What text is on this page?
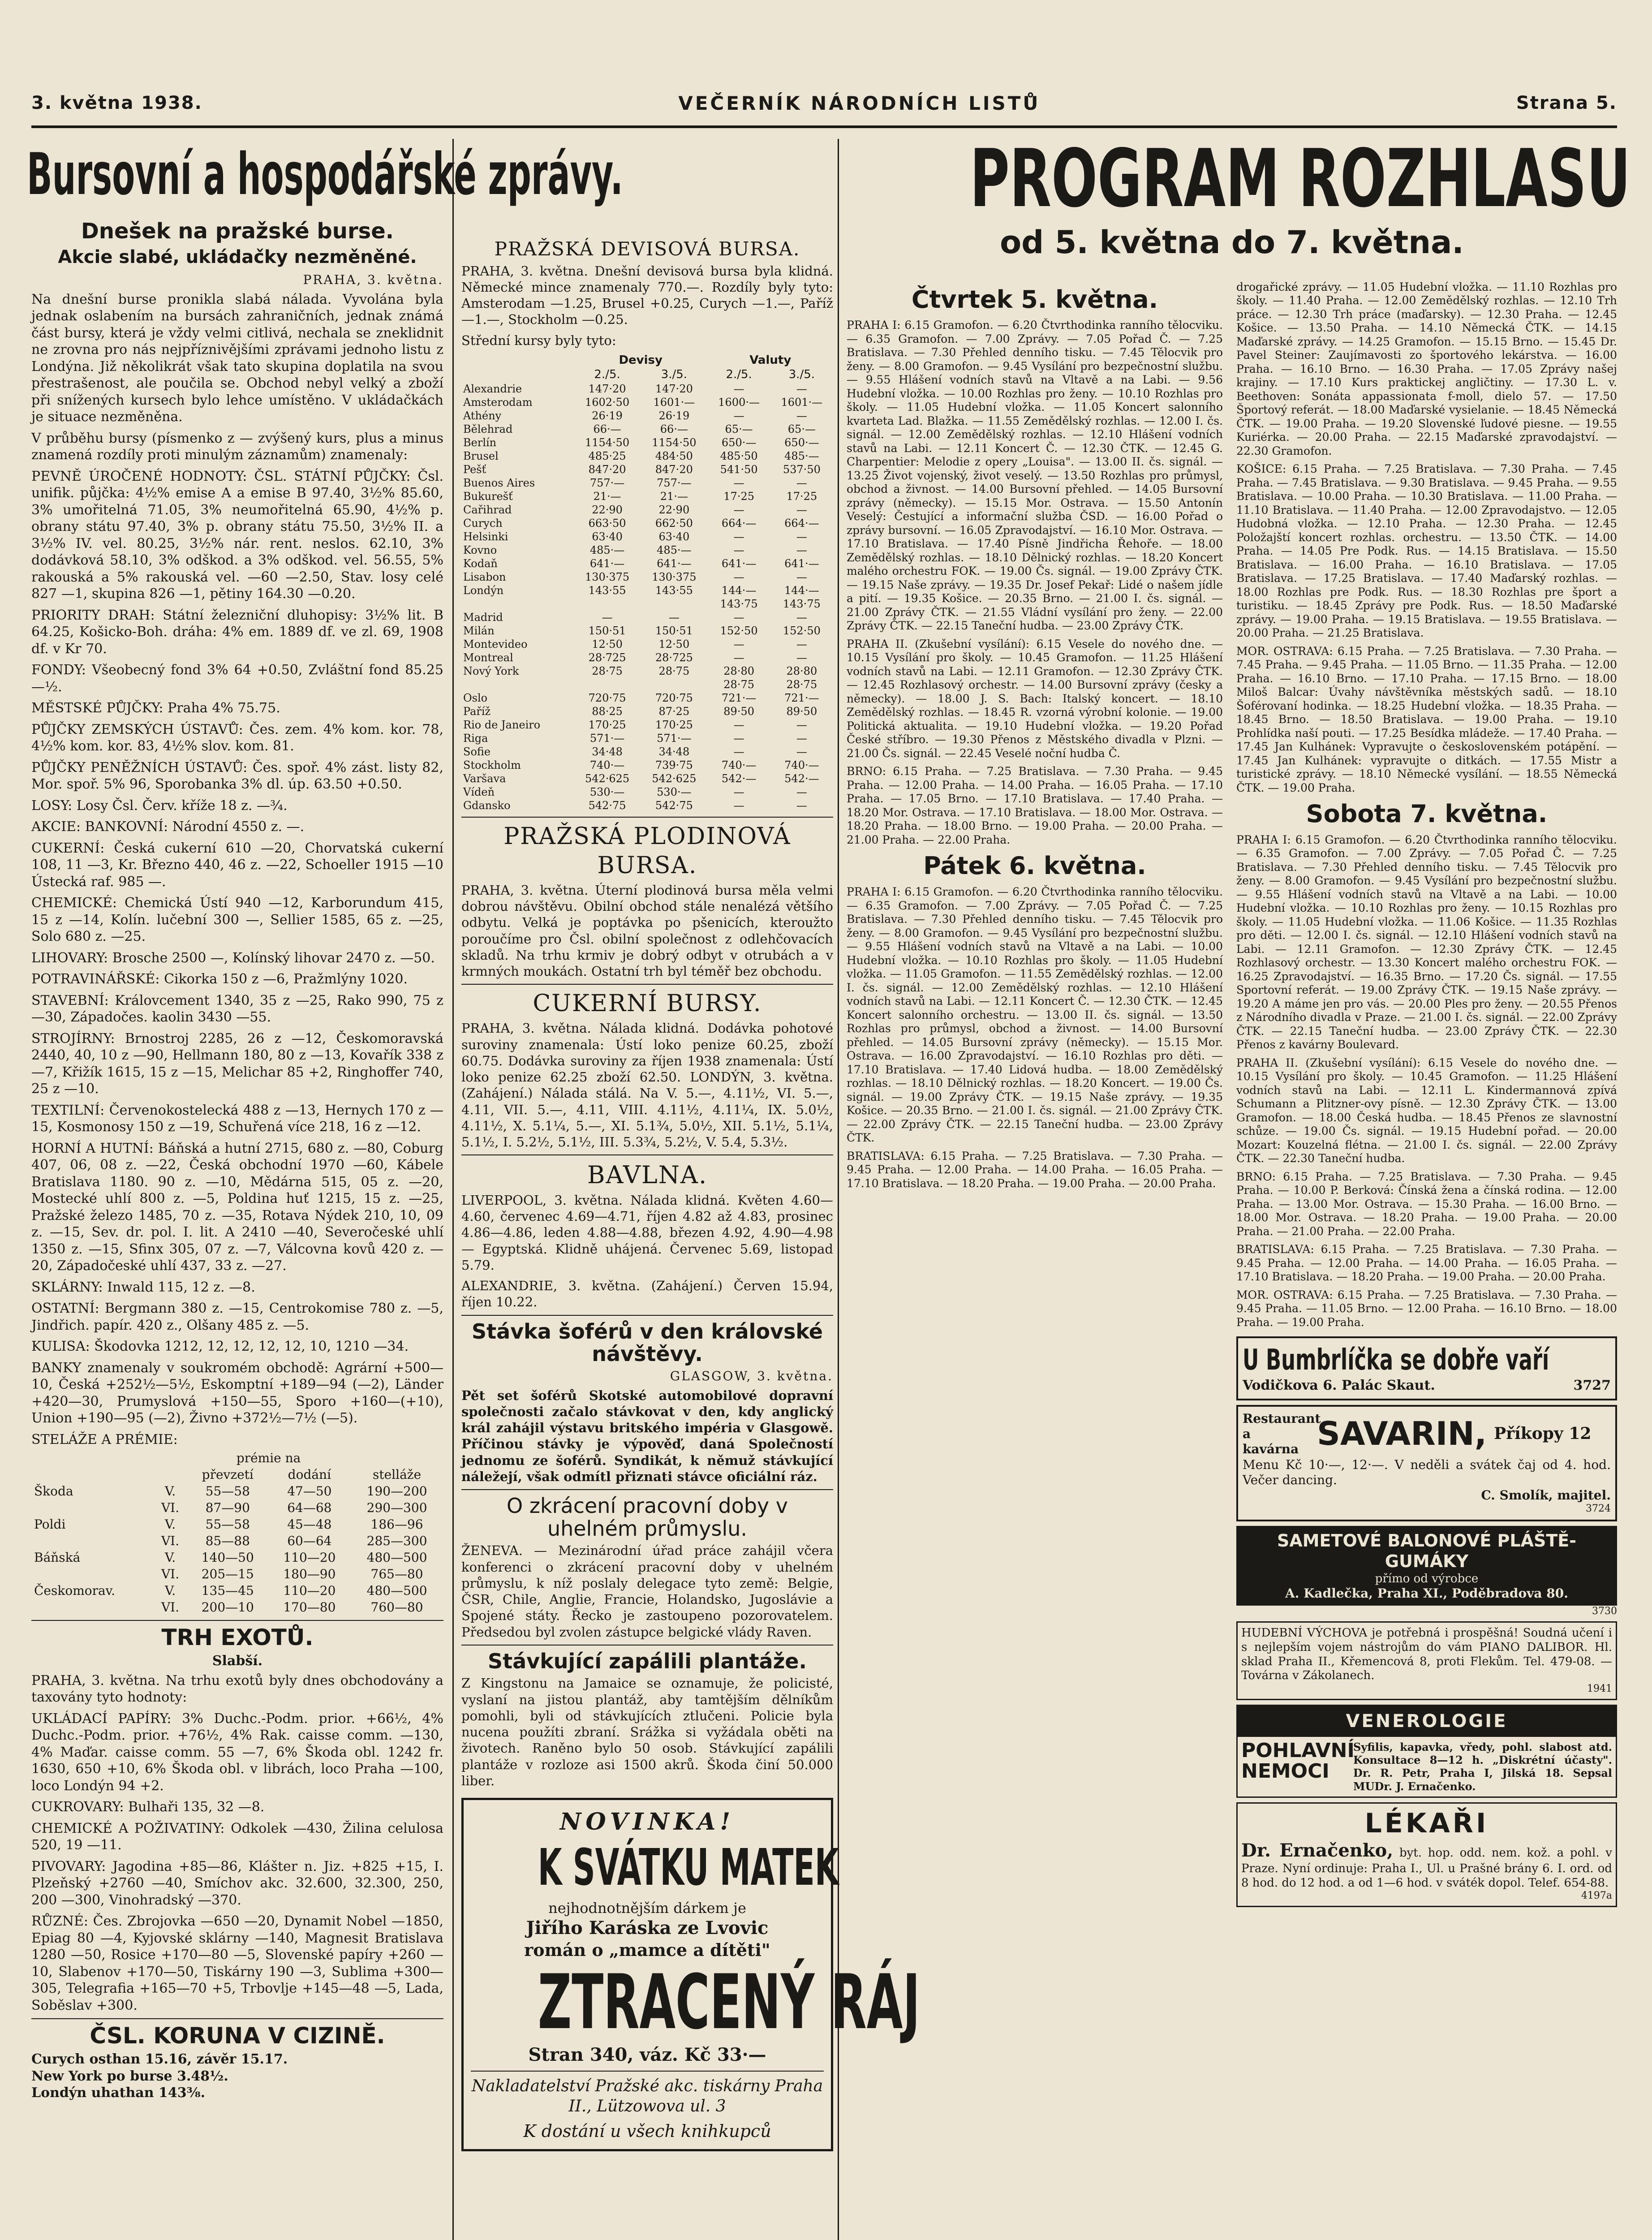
3. května 1938.	VEČERNÍK NÁRODNÍCH LISTŮ	Strana 5.
Bursovní a hospodářské zprávy.
Dnešek na pražské burse.
Akcie slabé, ukládačky nezměněné.
PRAHA, 3. května.

Na dnešní burse pronikla slabá nálada. Vyvolána byla jednak oslabením na bursách zahraničních, jednak známá část bursy, která je vždy velmi citlivá, nechala se zneklidnit ne zrovna pro nás nejpříznivějšími zprávami jednoho listu z Londýna. Již několikrát však tato skupina doplatila na svou přestrašenost, ale poučila se. Obchod nebyl velký a zboží při snížených kursech bylo lehce umístěno. V ukládačkách je situace nezměněna.

V průběhu bursy (písmenko z — zvýšený kurs, plus a minus znamená rozdíly proti minulým záznamům) znamenaly:

PEVNĚ ÚROČENÉ HODNOTY: ČSL. STÁTNÍ PŮJČKY: Čsl. unifik. půjčka: 4½% emise A a emise B 97.40, 3½% 85.60, 3% umořitelná 71.05, 3% neumořitelná 65.90, 4½% p. obrany státu 97.40, 3% p. obrany státu 75.50, 3½% II. a 3½% IV. vel. 80.25, 3½% nár. rent. neslos. 62.10, 3% dodávková 58.10, 3% odškod. a 3% odškod. vel. 56.55, 5% rakouská a 5% rakouská vel. —60 —2.50, Stav. losy celé 827 —1, skupina 826 —1, pětiny 164.30 —0.20.

PRIORITY DRAH: Státní železniční dluhopisy: 3½% lit. B 64.25, Košicko-Boh. dráha: 4% em. 1889 df. ve zl. 69, 1908 df. v Kr 70.

FONDY: Všeobecný fond 3% 64 +0.50, Zvláštní fond 85.25 —½.

MĚSTSKÉ PŮJČKY: Praha 4% 75.75.

PŮJČKY ZEMSKÝCH ÚSTAVŮ: Čes. zem. 4% kom. kor. 78, 4½% kom. kor. 83, 4½% slov. kom. 81.

PŮJČKY PENĚŽNÍCH ÚSTAVŮ: Čes. spoř. 4% zást. listy 82, Mor. spoř. 5% 96, Sporobanka 3% dl. úp. 63.50 +0.50.

LOSY: Losy Čsl. Červ. kříže 18 z. —¾.

AKCIE: BANKOVNÍ: Národní 4550 z. —.

CUKERNÍ: Česká cukerní 610 —20, Chorvatská cukerní 108, 11 —3, Kr. Březno 440, 46 z. —22, Schoeller 1915 —10 Ústecká raf. 985 —.

CHEMICKÉ: Chemická Ústí 940 —12, Karborundum 415, 15 z —14, Kolín. lučební 300 —, Sellier 1585, 65 z. —25, Solo 680 z. —25.

LIHOVARY: Brosche 2500 —, Kolínský lihovar 2470 z. —50.

POTRAVINÁŘSKÉ: Cikorka 150 z —6, Pražmlýny 1020.

STAVEBNÍ: Královcement 1340, 35 z —25, Rako 990, 75 z —30, Západočes. kaolin 3430 —55.

STROJÍRNY: Brnostroj 2285, 26 z —12, Českomoravská 2440, 40, 10 z —90, Hellmann 180, 80 z —13, Kovařík 338 z —7, Křižík 1615, 15 z —15, Melichar 85 +2, Ringhoffer 740, 25 z —10.

TEXTILNÍ: Červenokostelecká 488 z —13, Hernych 170 z —15, Kosmonosy 150 z —19, Schuřená více 218, 16 z —12.

HORNÍ A HUTNÍ: Báňská a hutní 2715, 680 z. —80, Coburg 407, 06, 08 z. —22, Česká obchodní 1970 —60, Kábele Bratislava 1180. 90 z. —10, Mědárna 515, 05 z. —20, Mostecké uhlí 800 z. —5, Poldina huť 1215, 15 z. —25, Pražské železo 1485, 70 z. —35, Rotava Nýdek 210, 10, 09 z. —15, Sev. dr. pol. I. lit. A 2410 —40, Severočeské uhlí 1350 z. —15, Sfinx 305, 07 z. —7, Válcovna kovů 420 z. —20, Západočeské uhlí 437, 33 z. —27.

SKLÁRNY: Inwald 115, 12 z. —8.

OSTATNÍ: Bergmann 380 z. —15, Centrokomise 780 z. —5, Jindřich. papír. 420 z., Olšany 485 z. —5.

KULISA: Škodovka 1212, 12, 12, 12, 12, 10, 1210 —34.

BANKY znamenaly v soukromém obchodě: Agrární +500—10, Česká +252½—5½, Eskomptní +189—94 (—2), Länder +420—30, Prumyslová +150—55, Sporo +160—(+10), Union +190—95 (—2), Živno +372½—7½ (—5).

STELÁŽE A PRÉMIE:

		prémie na		
		převzetí	dodání	stelláže
Škoda	V.	55—58	47—50	190—200
	VI.	87—90	64—68	290—300
Poldi	V.	55—58	45—48	186—96
	VI.	85—88	60—64	285—300
Báňská	V.	140—50	110—20	480—500
	VI.	205—15	180—90	765—80
Českomorav.	V.	135—45	110—20	480—500
	VI.	200—10	170—80	760—80
TRH EXOTŮ.
Slabší.

PRAHA, 3. května. Na trhu exotů byly dnes obchodovány a taxovány tyto hodnoty:

UKLÁDACÍ PAPÍRY: 3% Duchc.-Podm. prior. +66½, 4% Duchc.-Podm. prior. +76½, 4% Rak. caisse comm. —130, 4% Maďar. caisse comm. 55 —7, 6% Škoda obl. 1242 fr. 1630, 650 +10, 6% Škoda obl. v librách, loco Praha —100, loco Londýn 94 +2.

CUKROVARY: Bulhaři 135, 32 —8.

CHEMICKÉ A POŽIVATINY: Odkolek —430, Žilina celulosa 520, 19 —11.

PIVOVARY: Jagodina +85—86, Klášter n. Jiz. +825 +15, I. Plzeňský +2760 —40, Smíchov akc. 32.600, 32.300, 250, 200 —300, Vinohradský —370.

RŮZNÉ: Čes. Zbrojovka —650 —20, Dynamit Nobel —1850, Epiag 80 —4, Kyjovské sklárny —140, Magnesit Bratislava 1280 —50, Rosice +170—80 —5, Slovenské papíry +260 —10, Slabenov +170—50, Tiskárny 190 —3, Sublima +300—305, Telegrafia +165—70 +5, Trbovlje +145—48 —5, Lada, Soběslav +300.

ČSL. KORUNA V CIZINĚ.
Curych osthan 15.16, závěr 15.17.
New York po burse 3.48½.
Londýn uhathan 143⅜.
PRAŽSKÁ DEVISOVÁ BURSA.

PRAHA, 3. května. Dnešní devisová bursa byla klidná. Německé mince znamenaly 770.—. Rozdíly byly tyto: Amsterodam —1.25, Brusel +0.25, Curych —1.—, Paříž —1.—, Stockholm —0.25.

Střední kursy byly tyto:

	Devisy		Valuty	
	2./5.	3./5.	2./5.	3./5.
Alexandrie	147·20	147·20	—	—
Amsterodam	1602·50	1601·—	1600·—	1601·—
Athény	26·19	26·19	—	—
Bělehrad	66·—	66·—	65·—	65·—
Berlín	1154·50	1154·50	650·—	650·—
Brusel	485·25	484·50	485·50	485·—
Pešť	847·20	847·20	541·50	537·50
Buenos Aires	757·—	757·—	—	—
Bukurešť	21·—	21·—	17·25	17·25
Cařihrad	22·90	22·90	—	—
Curych	663·50	662·50	664·—	664·—
Helsinki	63·40	63·40	—	—
Kovno	485·—	485·—	—	—
Kodaň	641·—	641·—	641·—	641·—
Lisabon	130·375	130·375	—	—
Londýn	143·55	143·55	144·—	144·—
			143·75	143·75
Madrid	—	—	—	—
Milán	150·51	150·51	152·50	152·50
Montevideo	12·50	12·50	—	—
Montreal	28·725	28·725	—	—
Nový York	28·75	28·75	28·80	28·80
			28·75	28·75
Oslo	720·75	720·75	721·—	721·—
Paříž	88·25	87·25	89·50	89·50
Rio de Janeiro	170·25	170·25	—	—
Riga	571·—	571·—	—	—
Sofie	34·48	34·48	—	—
Stockholm	740·—	739·75	740·—	740·—
Varšava	542·625	542·625	542·—	542·—
Vídeň	530·—	530·—	—	—
Gdansko	542·75	542·75	—	—
PRAŽSKÁ PLODINOVÁ BURSA.

PRAHA, 3. května. Úterní plodinová bursa měla velmi dobrou návštěvu. Obilní obchod stále nenalézá většího odbytu. Velká je poptávka po pšenicích, kteroužto poroučíme pro Čsl. obilní společnost z odlehčovacích skladů. Na trhu krmiv je dobrý odbyt v otrubách a v krmných moukách. Ostatní trh byl téměř bez obchodu.

CUKERNÍ BURSY.

PRAHA, 3. května. Nálada klidná. Dodávka pohotové suroviny znamenala: Ústí loko penize 60.25, zboží 60.75. Dodávka suroviny za říjen 1938 znamenala: Ústí loko penize 62.25 zboží 62.50. LONDÝN, 3. května. (Zahájení.) Nálada stálá. Na V. 5.—, 4.11½, VI. 5.—, 4.11, VII. 5.—, 4.11, VIII. 4.11½, 4.11¼, IX. 5.0½, 4.11½, X. 5.1¼, 5.—, XI. 5.1¾, 5.0½, XII. 5.1½, 5.1¼, 5.1½, I. 5.2½, 5.1½, III. 5.3¾, 5.2½, V. 5.4, 5.3½.

BAVLNA.

LIVERPOOL, 3. května. Nálada klidná. Květen 4.60—4.60, červenec 4.69—4.71, říjen 4.82 až 4.83, prosinec 4.86—4.86, leden 4.88—4.88, březen 4.92, 4.90—4.98 — Egyptská. Klidně uhájená. Červenec 5.69, listopad 5.79.

ALEXANDRIE, 3. května. (Zahájení.) Červen 15.94, říjen 10.22.

Stávka šoférů v den královské návštěvy.
GLASGOW, 3. května.

Pět set šoférů Skotské automobilové dopravní společnosti začalo stávkovat v den, kdy anglický král zahájil výstavu britského impéria v Glasgowě. Příčinou stávky je výpověď, daná Společností jednomu ze šoférů. Syndikát, k němuž stávkující náležejí, však odmítl přiznati stávce oficiální ráz.

O zkrácení pracovní doby v uhelném průmyslu.

ŽENEVA. — Mezinárodní úřad práce zahájil včera konferenci o zkrácení pracovní doby v uhelném průmyslu, k níž poslaly delegace tyto země: Belgie, ČSR, Chile, Anglie, Francie, Holandsko, Jugoslávie a Spojené státy. Řecko je zastoupeno pozorovatelem. Předsedou byl zvolen zástupce belgické vlády Raven.

Stávkující zapálili plantáže.

Z Kingstonu na Jamaice se oznamuje, že policisté, vyslaní na jistou plantáž, aby tamtějším dělníkům pomohli, byli od stávkujících ztlučeni. Policie byla nucena použíti zbraní. Srážka si vyžádala oběti na životech. Raněno bylo 50 osob. Stávkující zapálili plantáže v rozloze asi 1500 akrů. Škoda činí 50.000 liber.

NOVINKA!
K SVÁTKU MATEK
nejhodnotnějším dárkem je
Jiřího Karáska ze Lvovic
román o „mamce a dítěti"
ZTRACENÝ RÁJ
Stran 340, váz. Kč 33·—
Nakladatelství Pražské akc. tiskárny Praha II., Lützowova ul. 3
K dostání u všech knihkupců
PROGRAM ROZHLASU
od 5. května do 7. května.
Čtvrtek 5. května.

PRAHA I: 6.15 Gramofon. — 6.20 Čtvrthodinka ranního tělocviku. — 6.35 Gramofon. — 7.00 Zprávy. — 7.05 Pořad Č. — 7.25 Bratislava. — 7.30 Přehled denního tisku. — 7.45 Tělocvik pro ženy. — 8.00 Gramofon. — 9.45 Vysílání pro bezpečnostní službu. — 9.55 Hlášení vodních stavů na Vltavě a na Labi. — 9.56 Hudební vložka. — 10.00 Rozhlas pro ženy. — 10.10 Rozhlas pro školy. — 11.05 Hudební vložka. — 11.05 Koncert salonního kvarteta Lad. Blažka. — 11.55 Zemědělský rozhlas. — 12.00 I. čs. signál. — 12.00 Zemědělský rozhlas. — 12.10 Hlášení vodních stavů na Labi. — 12.11 Koncert Č. — 12.30 ČTK. — 12.45 G. Charpentier: Melodie z opery „Louisa". — 13.00 II. čs. signál. — 13.25 Život vojenský, život veselý. — 13.50 Rozhlas pro průmysl, obchod a živnost. — 14.00 Bursovní přehled. — 14.05 Bursovní zprávy (německy). — 15.15 Mor. Ostrava. — 15.50 Antonín Veselý: Čestující a informační služba ČSD. — 16.00 Pořad o zprávy bursovní. — 16.05 Zpravodajství. — 16.10 Mor. Ostrava. — 17.10 Bratislava. — 17.40 Písně Jindřicha Řehoře. — 18.00 Zemědělský rozhlas. — 18.10 Dělnický rozhlas. — 18.20 Koncert malého orchestru FOK. — 19.00 Čs. signál. — 19.00 Zprávy ČTK. — 19.15 Naše zprávy. — 19.35 Dr. Josef Pekař: Lidé o našem jídle a pití. — 19.35 Košice. — 20.35 Brno. — 21.00 I. čs. signál. — 21.00 Zprávy ČTK. — 21.55 Vládní vysílání pro ženy. — 22.00 Zprávy ČTK. — 22.15 Taneční hudba. — 23.00 Zprávy ČTK.

PRAHA II. (Zkušební vysílání): 6.15 Vesele do nového dne. — 10.15 Vysílání pro školy. — 10.45 Gramofon. — 11.25 Hlášení vodních stavů na Labi. — 12.11 Gramofon. — 12.30 Zprávy ČTK. — 12.45 Rozhlasový orchestr. — 14.00 Bursovní zprávy (česky a německy). — 18.00 J. S. Bach: Italský koncert. — 18.10 Zemědělský rozhlas. — 18.45 R. vzorná výrobní kolonie. — 19.00 Politická aktualita. — 19.10 Hudební vložka. — 19.20 Pořad České stříbro. — 19.30 Přenos z Městského divadla v Plzni. — 21.00 Čs. signál. — 22.45 Veselé noční hudba Č.

BRNO: 6.15 Praha. — 7.25 Bratislava. — 7.30 Praha. — 9.45 Praha. — 12.00 Praha. — 14.00 Praha. — 16.05 Praha. — 17.10 Praha. — 17.05 Brno. — 17.10 Bratislava. — 17.40 Praha. — 18.20 Mor. Ostrava. — 17.10 Bratislava. — 18.00 Mor. Ostrava. — 18.20 Praha. — 18.00 Brno. — 19.00 Praha. — 20.00 Praha. — 21.00 Praha. — 22.00 Praha.

Pátek 6. května.

PRAHA I: 6.15 Gramofon. — 6.20 Čtvrthodinka ranního tělocviku. — 6.35 Gramofon. — 7.00 Zprávy. — 7.05 Pořad Č. — 7.25 Bratislava. — 7.30 Přehled denního tisku. — 7.45 Tělocvik pro ženy. — 8.00 Gramofon. — 9.45 Vysílání pro bezpečnostní službu. — 9.55 Hlášení vodních stavů na Vltavě a na Labi. — 10.00 Hudební vložka. — 10.10 Rozhlas pro školy. — 11.05 Hudební vložka. — 11.05 Gramofon. — 11.55 Zemědělský rozhlas. — 12.00 I. čs. signál. — 12.00 Zemědělský rozhlas. — 12.10 Hlášení vodních stavů na Labi. — 12.11 Koncert Č. — 12.30 ČTK. — 12.45 Koncert salonního orchestru. — 13.00 II. čs. signál. — 13.50 Rozhlas pro průmysl, obchod a živnost. — 14.00 Bursovní přehled. — 14.05 Bursovní zprávy (německy). — 15.15 Mor. Ostrava. — 16.00 Zpravodajství. — 16.10 Rozhlas pro děti. — 17.10 Bratislava. — 17.40 Lidová hudba. — 18.00 Zemědělský rozhlas. — 18.10 Dělnický rozhlas. — 18.20 Koncert. — 19.00 Čs. signál. — 19.00 Zprávy ČTK. — 19.15 Naše zprávy. — 19.35 Košice. — 20.35 Brno. — 21.00 I. čs. signál. — 21.00 Zprávy ČTK. — 22.00 Zprávy ČTK. — 22.15 Taneční hudba. — 23.00 Zprávy ČTK.

BRATISLAVA: 6.15 Praha. — 7.25 Bratislava. — 7.30 Praha. — 9.45 Praha. — 12.00 Praha. — 14.00 Praha. — 16.05 Praha. — 17.10 Bratislava. — 18.20 Praha. — 19.00 Praha. — 20.00 Praha.

drogařické zprávy. — 11.05 Hudební vložka. — 11.10 Rozhlas pro školy. — 11.40 Praha. — 12.00 Zemědělský rozhlas. — 12.10 Trh práce. — 12.30 Trh práce (maďarsky). — 12.30 Praha. — 12.45 Košice. — 13.50 Praha. — 14.10 Německá ČTK. — 14.15 Maďarské zprávy. — 14.25 Gramofon. — 15.15 Brno. — 15.45 Dr. Pavel Steiner: Zaujímavosti zo športového lekárstva. — 16.00 Praha. — 16.10 Brno. — 16.30 Praha. — 17.05 Zprávy našej krajiny. — 17.10 Kurs praktickej angličtiny. — 17.30 L. v. Beethoven: Sonáta appassionata f-moll, dielo 57. — 17.50 Športový referát. — 18.00 Maďarské vysielanie. — 18.45 Německá ČTK. — 19.00 Praha. — 19.20 Slovenské ľudové piesne. — 19.55 Kuriérka. — 20.00 Praha. — 22.15 Maďarské zpravodajství. — 22.30 Gramofon.

KOŠICE: 6.15 Praha. — 7.25 Bratislava. — 7.30 Praha. — 7.45 Praha. — 7.45 Bratislava. — 9.30 Bratislava. — 9.45 Praha. — 9.55 Bratislava. — 10.00 Praha. — 10.30 Bratislava. — 11.00 Praha. — 11.10 Bratislava. — 11.40 Praha. — 12.00 Zpravodajstvo. — 12.05 Hudobná vložka. — 12.10 Praha. — 12.30 Praha. — 12.45 Položajští koncert rozhlas. orchestru. — 13.50 ČTK. — 14.00 Praha. — 14.05 Pre Podk. Rus. — 14.15 Bratislava. — 15.50 Bratislava. — 16.00 Praha. — 16.10 Bratislava. — 17.05 Bratislava. — 17.25 Bratislava. — 17.40 Maďarský rozhlas. — 18.00 Rozhlas pre Podk. Rus. — 18.30 Rozhlas pre šport a turistiku. — 18.45 Zprávy pre Podk. Rus. — 18.50 Maďarské zprávy. — 19.00 Praha. — 19.15 Bratislava. — 19.55 Bratislava. — 20.00 Praha. — 21.25 Bratislava.

MOR. OSTRAVA: 6.15 Praha. — 7.25 Bratislava. — 7.30 Praha. — 7.45 Praha. — 9.45 Praha. — 11.05 Brno. — 11.35 Praha. — 12.00 Praha. — 16.10 Brno. — 17.10 Praha. — 17.15 Brno. — 18.00 Miloš Balcar: Úvahy návštěvníka městských sadů. — 18.10 Šoférovaní hodinka. — 18.25 Hudební vložka. — 18.35 Praha. — 18.45 Brno. — 18.50 Bratislava. — 19.00 Praha. — 19.10 Prohlídka naší pouti. — 17.25 Besídka mládeže. — 17.40 Praha. — 17.45 Jan Kulhánek: Vypravujte o československém potápění. — 17.45 Jan Kulhánek: vypravujte o ditkách. — 17.55 Mistr a turistické zprávy. — 18.10 Německé vysílání. — 18.55 Německá ČTK. — 19.00 Praha.

Sobota 7. května.

PRAHA I: 6.15 Gramofon. — 6.20 Čtvrthodinka ranního tělocviku. — 6.35 Gramofon. — 7.00 Zprávy. — 7.05 Pořad Č. — 7.25 Bratislava. — 7.30 Přehled denního tisku. — 7.45 Tělocvik pro ženy. — 8.00 Gramofon. — 9.45 Vysílání pro bezpečnostní službu. — 9.55 Hlášení vodních stavů na Vltavě a na Labi. — 10.00 Hudební vložka. — 10.10 Rozhlas pro ženy. — 10.15 Rozhlas pro školy. — 11.05 Hudební vložka. — 11.06 Košice. — 11.35 Rozhlas pro děti. — 12.00 I. čs. signál. — 12.10 Hlášení vodních stavů na Labi. — 12.11 Gramofon. — 12.30 Zprávy ČTK. — 12.45 Rozhlasový orchestr. — 13.30 Koncert malého orchestru FOK. — 16.25 Zpravodajství. — 16.35 Brno. — 17.20 Čs. signál. — 17.55 Sportovní referát. — 19.00 Zprávy ČTK. — 19.15 Naše zprávy. — 19.20 A máme jen pro vás. — 20.00 Ples pro ženy. — 20.55 Přenos z Národního divadla v Praze. — 21.00 I. čs. signál. — 22.00 Zprávy ČTK. — 22.15 Taneční hudba. — 23.00 Zprávy ČTK. — 22.30 Přenos z kavárny Boulevard.

PRAHA II. (Zkušební vysílání): 6.15 Vesele do nového dne. — 10.15 Vysílání pro školy. — 10.45 Gramofon. — 11.25 Hlášení vodních stavů na Labi. — 12.11 L. Kindermannová zpívá Schumann a Plitzner-ovy písně. — 12.30 Zprávy ČTK. — 13.00 Gramofon. — 18.00 Česká hudba. — 18.45 Přenos ze slavnostní schůze. — 19.00 Čs. signál. — 19.15 Hudební pořad. — 20.00 Mozart: Kouzelná flétna. — 21.00 I. čs. signál. — 22.00 Zprávy ČTK. — 22.30 Taneční hudba.

BRNO: 6.15 Praha. — 7.25 Bratislava. — 7.30 Praha. — 9.45 Praha. — 10.00 P. Berková: Čínská žena a čínská rodina. — 12.00 Praha. — 13.00 Mor. Ostrava. — 15.30 Praha. — 16.00 Brno. — 18.00 Mor. Ostrava. — 18.20 Praha. — 19.00 Praha. — 20.00 Praha. — 21.00 Praha. — 22.00 Praha.

BRATISLAVA: 6.15 Praha. — 7.25 Bratislava. — 7.30 Praha. — 9.45 Praha. — 12.00 Praha. — 14.00 Praha. — 16.05 Praha. — 17.10 Bratislava. — 18.20 Praha. — 19.00 Praha. — 20.00 Praha.

MOR. OSTRAVA: 6.15 Praha. — 7.25 Bratislava. — 7.30 Praha. — 9.45 Praha. — 11.05 Brno. — 12.00 Praha. — 16.10 Brno. — 18.00 Praha. — 19.00 Praha.

U Bumbrlíčka se dobře vaří
Vodičkova 6. Palác Skaut.	3727
Restaurant a kavárna SAVARIN, Příkopy 12
Menu Kč 10·—, 12·—. V neděli a svátek čaj od 4. hod. Večer dancing.
C. Smolík, majitel.
3724
SAMETOVÉ BALONOVÉ PLÁŠTĚ-GUMÁKY
přímo od výrobce
A. Kadlečka, Praha XI., Poděbradova 80.
3730
HUDEBNÍ VÝCHOVA je potřebná i prospěšná! Soudná učení i s nejlepším vojem nástrojům do vám PIANO DALIBOR. Hl. sklad Praha II., Křemencová 8, proti Flekům. Tel. 479-08. — Továrna v Zákolanech.
1941
VENEROLOGIE
POHLAVNÍ NEMOCI
Syfilis, kapavka, vředy, pohl. slabost atd. Konsultace 8—12 h. „Diskrétní účasty". Dr. R. Petr, Praha I, Jilská 18. Sepsal MUDr. J. Ernačenko.
LÉKAŘI
Dr. Ernačenko, byt. hop. odd. nem. kož. a pohl. v Praze. Nyní ordinuje: Praha I., Ul. u Prašné brány 6. I. ord. od 8 hod. do 12 hod. a od 1—6 hod. v sváték dopol. Telef. 654-88.
4197a
